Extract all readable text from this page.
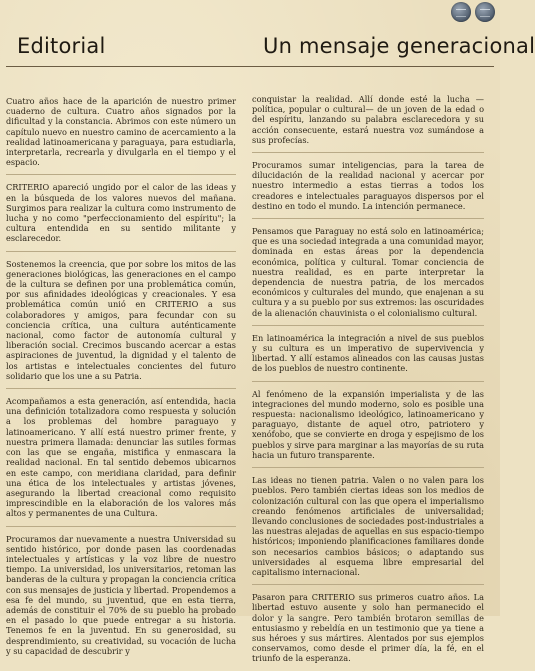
Editorial	Un mensaje generacional

Cuatro años hace de la aparición de nuestro primer cuaderno de cultura. Cuatro años signados por la dificultad y la constancia. Abrimos con este número un capítulo nuevo en nuestro camino de acercamiento a la realidad latinoamericana y paraguaya, para estudiarla, interpretarla, recrearla y divulgarla en el tiempo y el espacio.

CRITERIO apareció ungido por el calor de las ideas y en la búsqueda de los valores nuevos del mañana. Surgimos para realizar la cultura como instrumento de lucha y no como "perfeccionamiento del espíritu"; la cultura entendida en su sentido militante y esclarecedor.

Sostenemos la creencia, que por sobre los mitos de las generaciones biológicas, las generaciones en el campo de la cultura se definen por una problemática común, por sus afinidades ideológicas y creacionales. Y esa problemática común unió en CRITERIO a sus colaboradores y amigos, para fecundar con su conciencia crítica, una cultura auténticamente nacional, como factor de autonomía cultural y liberación social. Crecimos buscando acercar a estas aspiraciones de juventud, la dignidad y el talento de los artistas e intelectuales concientes del futuro solidario que los une a su Patria.

Acompañamos a esta generación, así entendida, hacia una definición totalizadora como respuesta y solución a los problemas del hombre paraguayo y latinoamericano. Y allí está nuestro primer frente, y nuestra primera llamada: denunciar las sutiles formas con las que se engaña, mistifica y enmascara la realidad nacional. En tal sentido debemos ubicarnos en este campo, con meridiana claridad, para definir una ética de los intelectuales y artistas jóvenes, asegurando la libertad creacional como requisito imprescindible en la elaboración de los valores más altos y permanentes de una Cultura.

Procuramos dar nuevamente a nuestra Universidad su sentido histórico, por donde pasen las coordenadas intelectuales y artísticas y la voz libre de nuestro tiempo. La universidad, los universitarios, retoman las banderas de la cultura y propagan la conciencia crítica con sus mensajes de justicia y libertad. Propendemos a esa fe del mundo, su juventud, que en esta tierra, además de constituir el 70% de su pueblo ha probado en el pasado lo que puede entregar a su historia. Tenemos fe en la juventud. En su generosidad, su desprendimiento, su creatividad, su vocación de lucha y su capacidad de descubrir y

conquistar la realidad. Allí donde esté la lucha —política, popular o cultural— de un joven de la edad o del espíritu, lanzando su palabra esclarecedora y su acción consecuente, estará nuestra voz sumándose a sus profecías.

Procuramos sumar inteligencias, para la tarea de dilucidación de la realidad nacional y acercar por nuestro intermedio a estas tierras a todos los creadores e intelectuales paraguayos dispersos por el destino en todo el mundo. La intención permanece.

Pensamos que Paraguay no está solo en latinoamérica; que es una sociedad integrada a una comunidad mayor, dominada en estas áreas por la dependencia económica, política y cultural. Tomar conciencia de nuestra realidad, es en parte interpretar la dependencia de nuestra patria, de los mercados económicos y culturales del mundo, que enajenan a su cultura y a su pueblo por sus extremos: las oscuridades de la alienación chauvinista o el colonialismo cultural.

En latinoamérica la integración a nivel de sus pueblos y su cultura es un imperativo de supervivencia y libertad. Y allí estamos alineados con las causas justas de los pueblos de nuestro continente.

Al fenómeno de la expansión imperialista y de las integraciones del mundo moderno, solo es posible una respuesta: nacionalismo ideológico, latinoamericano y paraguayo, distante de aquel otro, patriotero y xenófobo, que se convierte en droga y espejismo de los pueblos y sirve para marginar a las mayorías de su ruta hacia un futuro transparente.

Las ideas no tienen patria. Valen o no valen para los pueblos. Pero también ciertas ideas son los medios de colonización cultural con las que opera el imperialismo creando fenómenos artificiales de universalidad; llevando conclusiones de sociedades post-industriales a las nuestras alejadas de aquellas en sus espacio-tiempo históricos; imponiendo planificaciones familiares donde son necesarios cambios básicos; o adaptando sus universidades al esquema libre empresarial del capitalismo internacional.

Pasaron para CRITERIO sus primeros cuatro años. La libertad estuvo ausente y solo han permanecido el dolor y la sangre. Pero también brotaron semillas de entusiasmo y rebeldía en un testimonio que ya tiene a sus héroes y sus mártires. Alentados por sus ejemplos conservamos, como desde el primer día, la fé, en el triunfo de la esperanza.
